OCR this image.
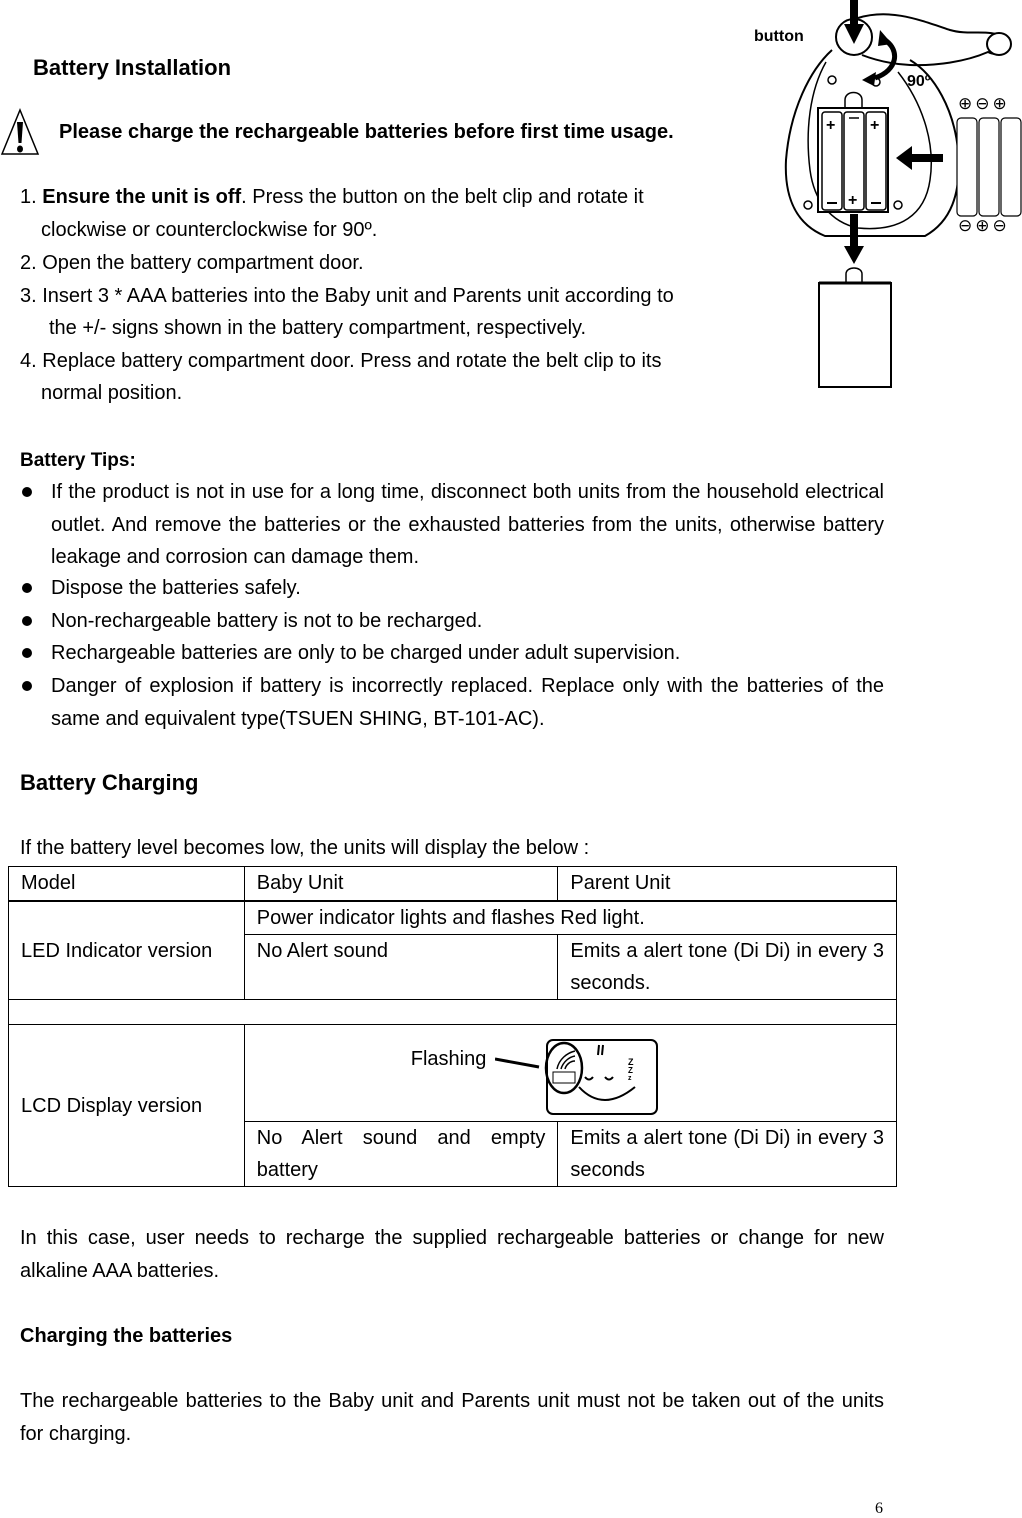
Battery Installation
Please charge the rechargeable batteries before first time usage.
1. Ensure the unit is off. Press the button on the belt clip and rotate it
clockwise or counterclockwise for 90º.
2. Open the battery compartment door.
3. Insert 3 * AAA batteries into the Baby unit and Parents unit according to
the +/- signs shown in the battery compartment, respectively.
4. Replace battery compartment door. Press and rotate the belt clip to its
normal position.
+ +
+
button
90º
⊕⊖⊕
⊖⊕⊖
Battery Tips:
If the product is not in use for a long time, disconnect both units from the household electrical outlet. And remove the batteries or the exhausted batteries from the units, otherwise battery leakage and corrosion can damage them.
Dispose the batteries safely.
Non-rechargeable battery is not to be recharged.
Rechargeable batteries are only to be charged under adult supervision.
Danger of explosion if battery is incorrectly replaced. Replace only with the batteries of the same and equivalent type(TSUEN SHING, BT-101-AC).
Battery Charging
If the battery level becomes low, the units will display the below :
Model	Baby Unit	Parent Unit
LED Indicator version	Power indicator lights and flashes Red light.	
	No Alert sound	Emits a alert tone (Di Di) in every 3 seconds.

LCD Display version	Flashing Z
Z
z	

	No Alert sound and empty battery	Emits a alert tone (Di Di) in every 3 seconds
In this case, user needs to recharge the supplied rechargeable batteries or change for new alkaline AAA batteries.
Charging the batteries
The rechargeable batteries to the Baby unit and Parents unit must not be taken out of the units for charging.
6
